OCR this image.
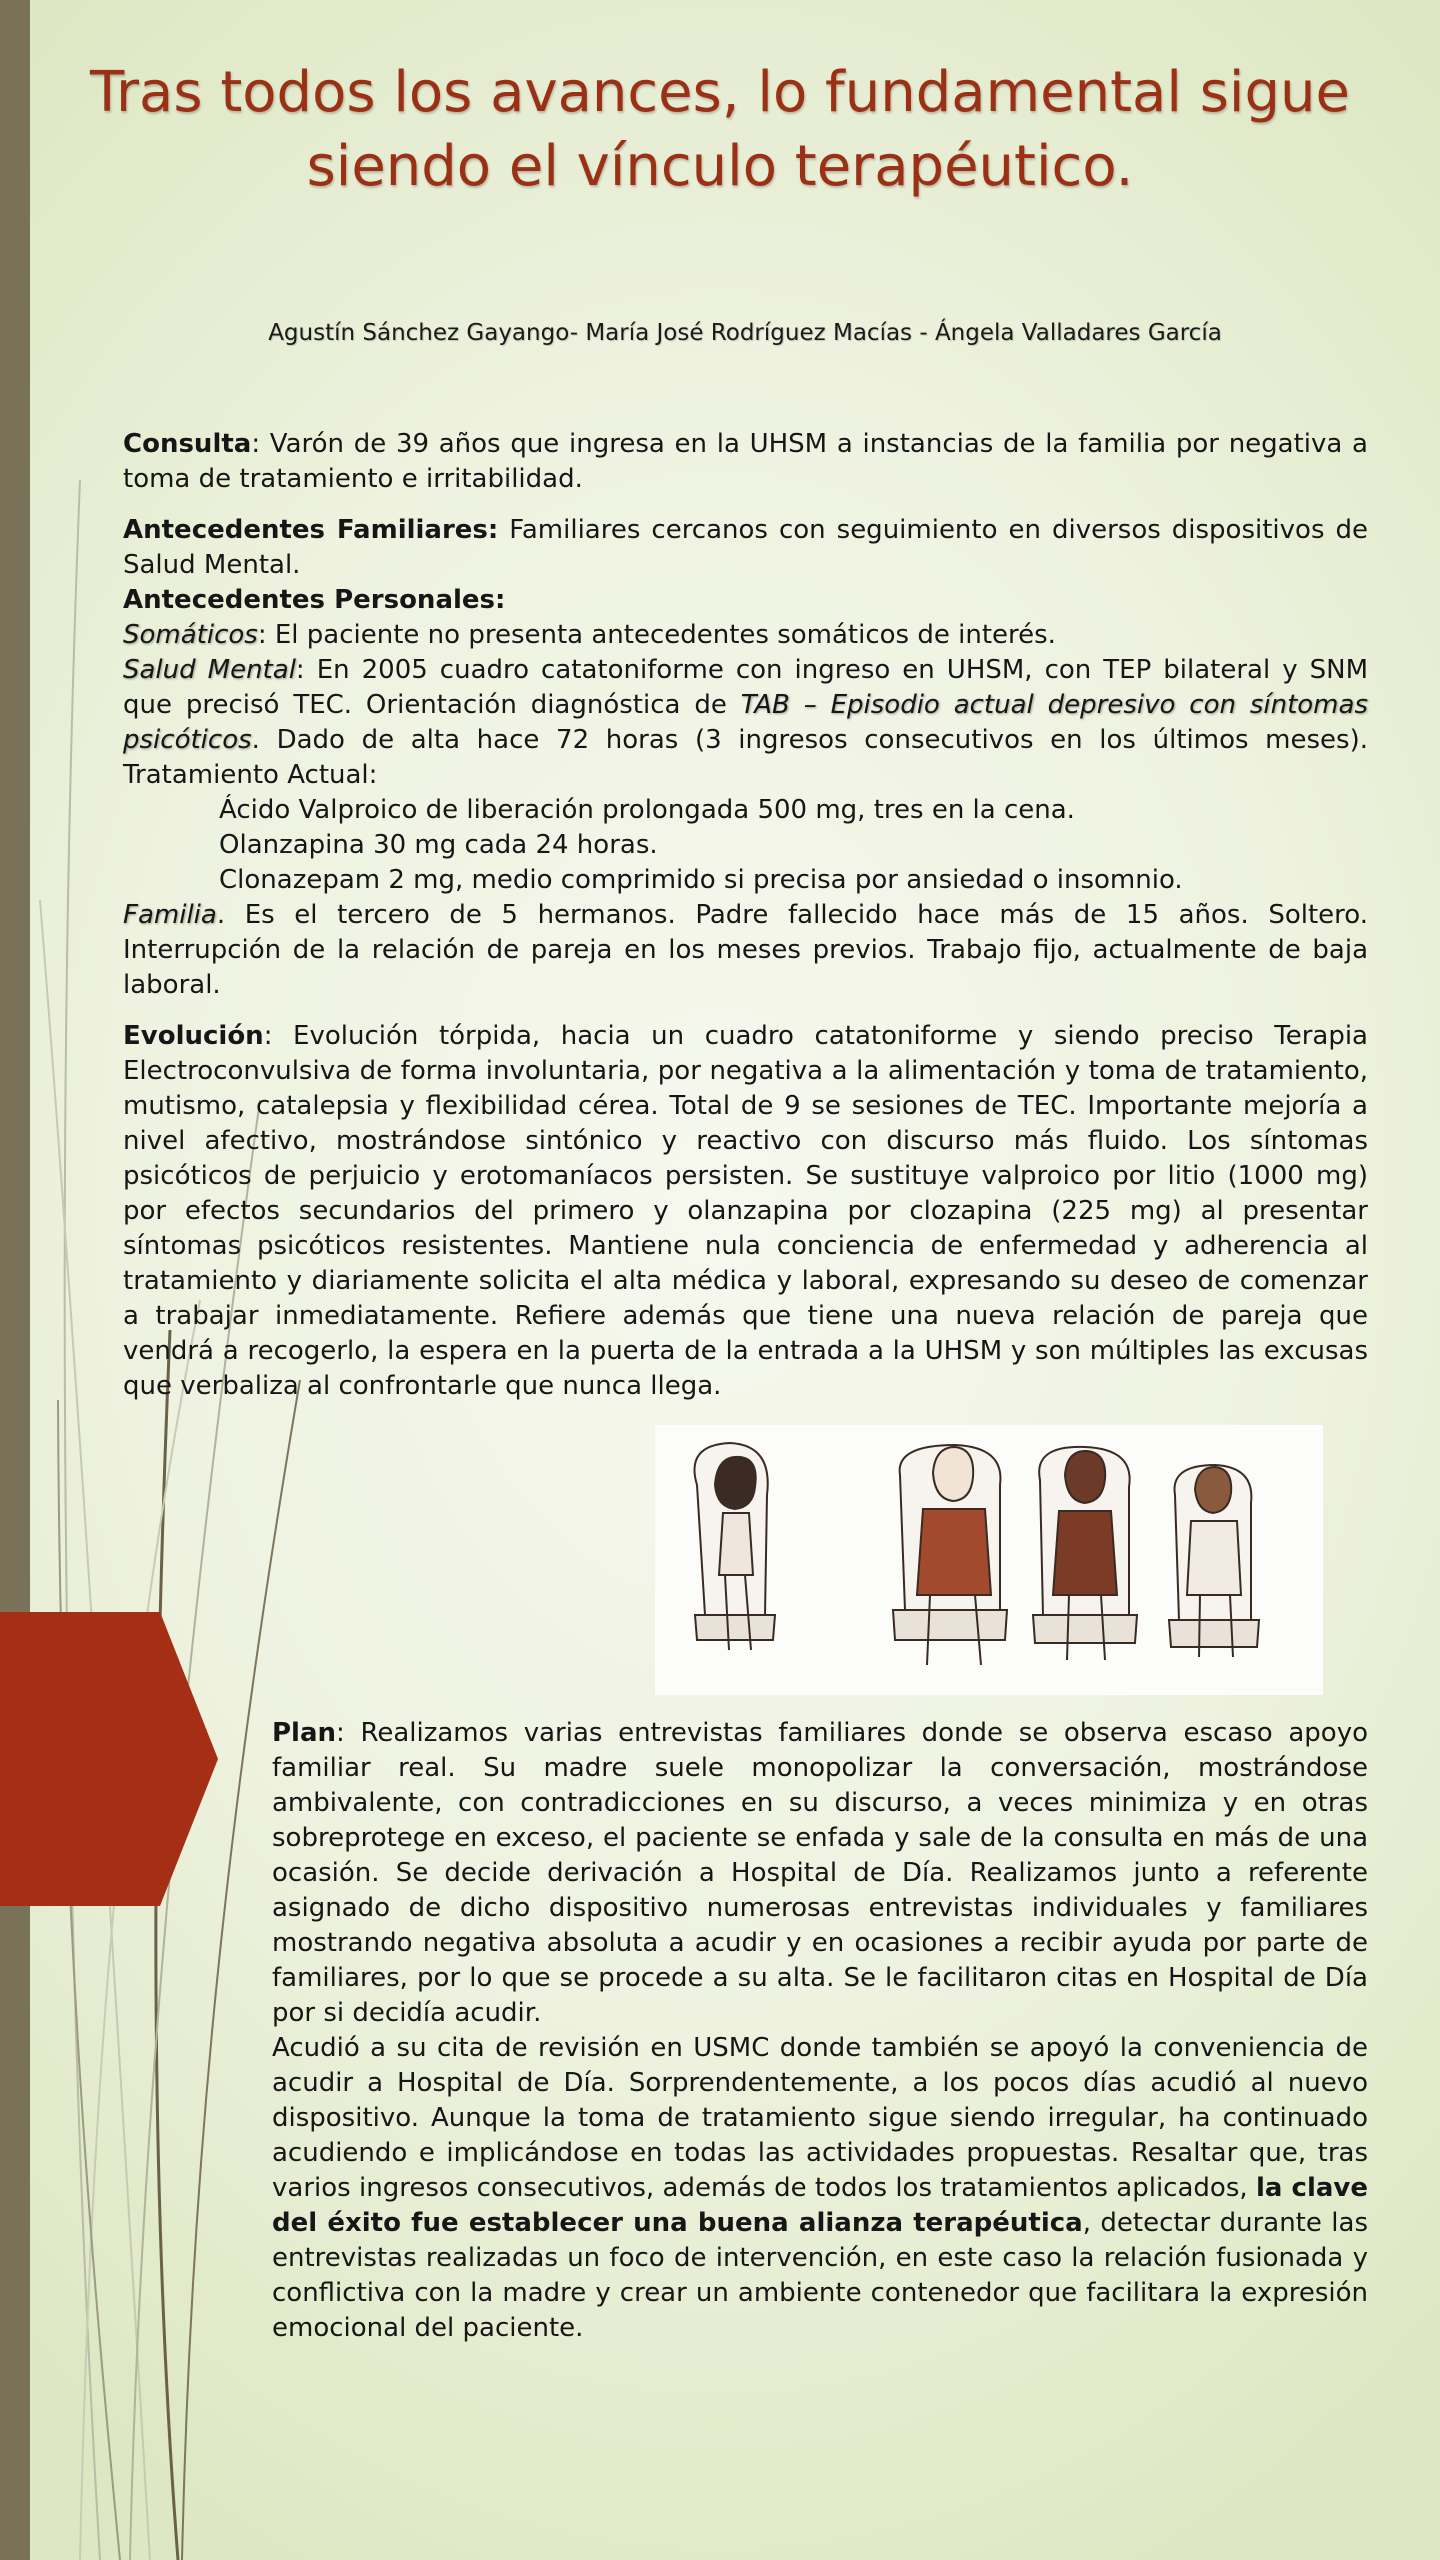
Tras todos los avances, lo fundamental sigue siendo el vínculo terapéutico.
Agustín Sánchez Gayango- María José Rodríguez Macías - Ángela Valladares García

Consulta: Varón de 39 años que ingresa en la UHSM a instancias de la familia por negativa a toma de tratamiento e irritabilidad.

Antecedentes Familiares: Familiares cercanos con seguimiento en diversos dispositivos de Salud Mental.

Antecedentes Personales:

Somáticos: El paciente no presenta antecedentes somáticos de interés.

Salud Mental: En 2005 cuadro catatoniforme con ingreso en UHSM, con TEP bilateral y SNM que precisó TEC. Orientación diagnóstica de TAB – Episodio actual depresivo con síntomas psicóticos. Dado de alta hace 72 horas (3 ingresos consecutivos en los últimos meses). Tratamiento Actual:

Ácido Valproico de liberación prolongada 500 mg, tres en la cena.

Olanzapina 30 mg cada 24 horas.

Clonazepam 2 mg, medio comprimido si precisa por ansiedad o insomnio.

Familia. Es el tercero de 5 hermanos. Padre fallecido hace más de 15 años. Soltero. Interrupción de la relación de pareja en los meses previos. Trabajo fijo, actualmente de baja laboral.

Evolución: Evolución tórpida, hacia un cuadro catatoniforme y siendo preciso Terapia Electroconvulsiva de forma involuntaria, por negativa a la alimentación y toma de tratamiento, mutismo, catalepsia y flexibilidad cérea. Total de 9 se sesiones de TEC. Importante mejoría a nivel afectivo, mostrándose sintónico y reactivo con discurso más fluido. Los síntomas psicóticos de perjuicio y erotomaníacos persisten. Se sustituye valproico por litio (1000 mg) por efectos secundarios del primero y olanzapina por clozapina (225 mg) al presentar síntomas psicóticos resistentes. Mantiene nula conciencia de enfermedad y adherencia al tratamiento y diariamente solicita el alta médica y laboral, expresando su deseo de comenzar a trabajar inmediatamente. Refiere además que tiene una nueva relación de pareja que vendrá a recogerlo, la espera en la puerta de la entrada a la UHSM y son múltiples las excusas que verbaliza al confrontarle que nunca llega.

Plan: Realizamos varias entrevistas familiares donde se observa escaso apoyo familiar real. Su madre suele monopolizar la conversación, mostrándose ambivalente, con contradicciones en su discurso, a veces minimiza y en otras sobreprotege en exceso, el paciente se enfada y sale de la consulta en más de una ocasión. Se decide derivación a Hospital de Día. Realizamos junto a referente asignado de dicho dispositivo numerosas entrevistas individuales y familiares mostrando negativa absoluta a acudir y en ocasiones a recibir ayuda por parte de familiares, por lo que se procede a su alta. Se le facilitaron citas en Hospital de Día por si decidía acudir.

Acudió a su cita de revisión en USMC donde también se apoyó la conveniencia de acudir a Hospital de Día. Sorprendentemente, a los pocos días acudió al nuevo dispositivo. Aunque la toma de tratamiento sigue siendo irregular, ha continuado acudiendo e implicándose en todas las actividades propuestas. Resaltar que, tras varios ingresos consecutivos, además de todos los tratamientos aplicados, la clave del éxito fue establecer una buena alianza terapéutica, detectar durante las entrevistas realizadas un foco de intervención, en este caso la relación fusionada y conflictiva con la madre y crear un ambiente contenedor que facilitara la expresión emocional del paciente.
